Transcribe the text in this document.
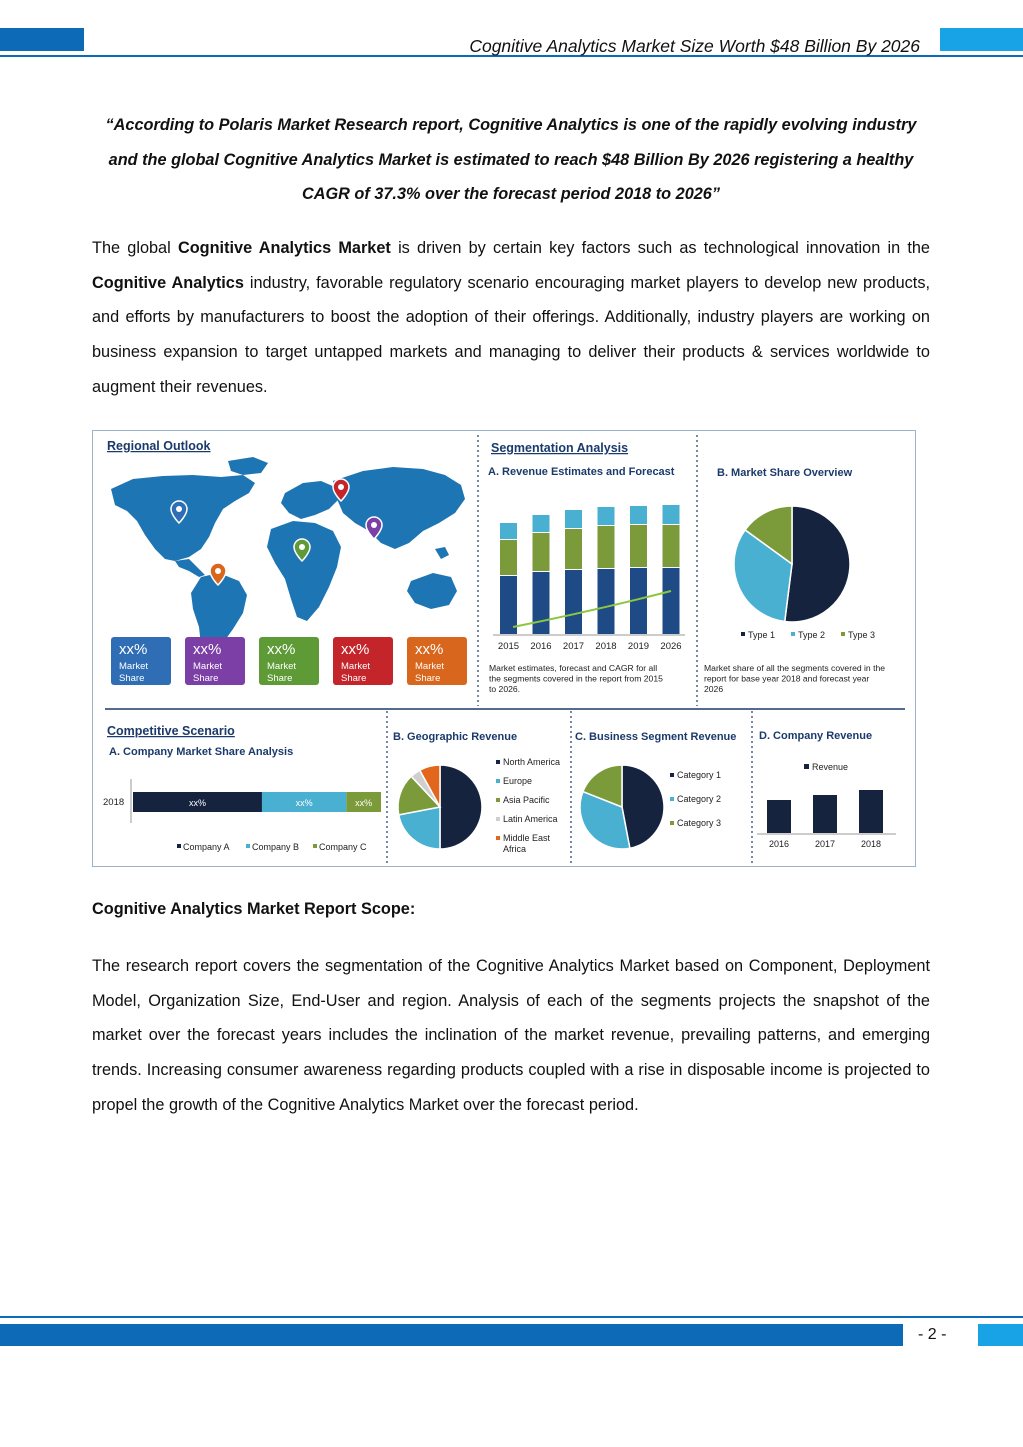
Cognitive Analytics Market Size Worth $48 Billion By 2026
“According to Polaris Market Research report, Cognitive Analytics is one of the rapidly evolving industry and the global Cognitive Analytics Market is estimated to reach $48 Billion By 2026 registering a healthy CAGR of 37.3% over the forecast period 2018 to 2026”
The global Cognitive Analytics Market is driven by certain key factors such as technological innovation in the Cognitive Analytics industry, favorable regulatory scenario encouraging market players to develop new products, and efforts by manufacturers to boost the adoption of their offerings. Additionally, industry players are working on business expansion to target untapped markets and managing to deliver their products & services worldwide to augment their revenues.
Regional Outlook
xx%
Market
Share
xx%
Market
Share
xx%
Market
Share
xx%
Market
Share
xx%
Market
Share
Segmentation Analysis
A. Revenue Estimates and Forecast
2015 2016 2017 2018 2019 2026
Market estimates, forecast and CAGR for all
the segments covered in the report from 2015
to 2026.
B. Market Share Overview
Type 1	Type 2	Type 3
Market share of all the segments covered in the
report for base year 2018 and forecast year
2026
Competitive Scenario
A. Company Market Share Analysis
2018	xx%	xx%	xx%
Company A Company B Company C
B. Geographic Revenue
North America
Europe
Asia Pacific
Latin America
Middle East
Africa
C. Business Segment Revenue
Category 1
Category 2
Category 3
D. Company Revenue
Revenue
2016	2017	2018
Cognitive Analytics Market Report Scope:
The research report covers the segmentation of the Cognitive Analytics Market based on Component, Deployment Model, Organization Size, End-User and region. Analysis of each of the segments projects the snapshot of the market over the forecast years includes the inclination of the market revenue, prevailing patterns, and emerging trends. Increasing consumer awareness regarding products coupled with a rise in disposable income is projected to propel the growth of the Cognitive Analytics Market over the forecast period.
- 2 -
